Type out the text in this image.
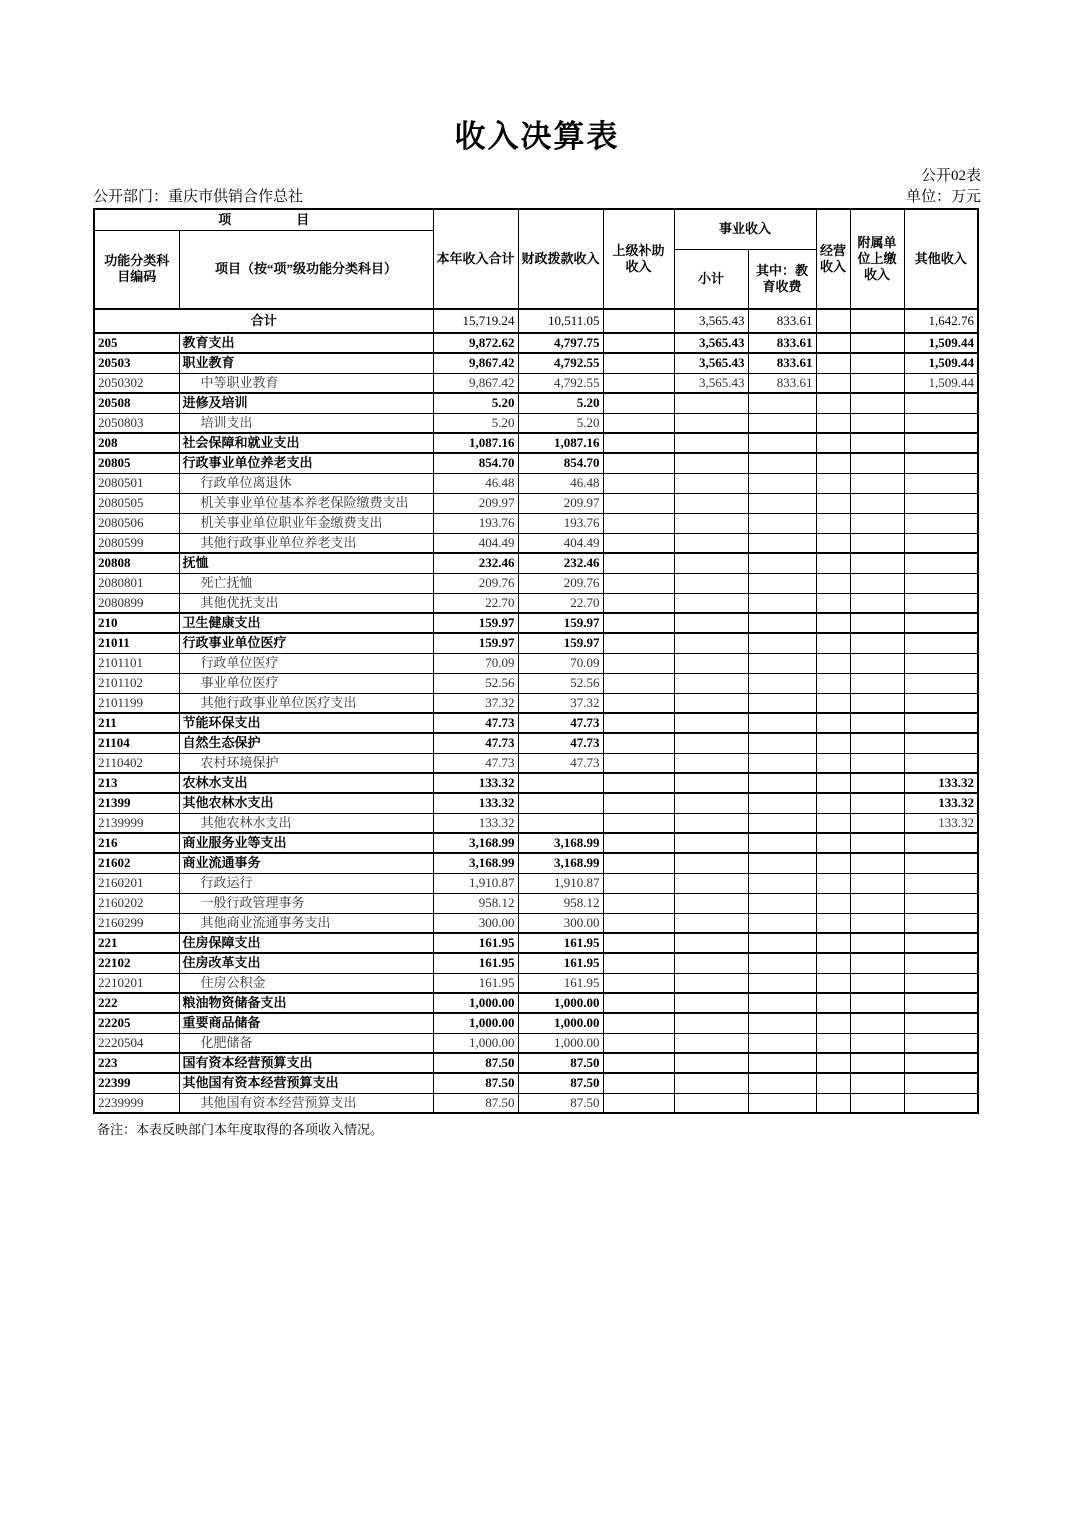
收入决算表
公开02表
公开部门：重庆市供销合作总社	单位：万元
项　　　　　目		本年收入合计	财政拨款收入	上级补助收入	事业收入		经营收入	附属单位上缴收入	其他收入
功能分类科目编码	项目（按“项”级功能分类科目）								
					小计	其中：教育收费			
合计		15,719.24	10,511.05		3,565.43	833.61			1,642.76
205	教育支出	9,872.62	4,797.75		3,565.43	833.61			1,509.44
20503	职业教育	9,867.42	4,792.55		3,565.43	833.61			1,509.44
2050302	中等职业教育	9,867.42	4,792.55		3,565.43	833.61			1,509.44
20508	进修及培训	5.20	5.20						
2050803	培训支出	5.20	5.20						
208	社会保障和就业支出	1,087.16	1,087.16						
20805	行政事业单位养老支出	854.70	854.70						
2080501	行政单位离退休	46.48	46.48						
2080505	机关事业单位基本养老保险缴费支出	209.97	209.97						
2080506	机关事业单位职业年金缴费支出	193.76	193.76						
2080599	其他行政事业单位养老支出	404.49	404.49						
20808	抚恤	232.46	232.46						
2080801	死亡抚恤	209.76	209.76						
2080899	其他优抚支出	22.70	22.70						
210	卫生健康支出	159.97	159.97						
21011	行政事业单位医疗	159.97	159.97						
2101101	行政单位医疗	70.09	70.09						
2101102	事业单位医疗	52.56	52.56						
2101199	其他行政事业单位医疗支出	37.32	37.32						
211	节能环保支出	47.73	47.73						
21104	自然生态保护	47.73	47.73						
2110402	农村环境保护	47.73	47.73						
213	农林水支出	133.32							133.32
21399	其他农林水支出	133.32							133.32
2139999	其他农林水支出	133.32							133.32
216	商业服务业等支出	3,168.99	3,168.99						
21602	商业流通事务	3,168.99	3,168.99						
2160201	行政运行	1,910.87	1,910.87						
2160202	一般行政管理事务	958.12	958.12						
2160299	其他商业流通事务支出	300.00	300.00						
221	住房保障支出	161.95	161.95						
22102	住房改革支出	161.95	161.95						
2210201	住房公积金	161.95	161.95						
222	粮油物资储备支出	1,000.00	1,000.00						
22205	重要商品储备	1,000.00	1,000.00						
2220504	化肥储备	1,000.00	1,000.00						
223	国有资本经营预算支出	87.50	87.50						
22399	其他国有资本经营预算支出	87.50	87.50						
2239999	其他国有资本经营预算支出	87.50	87.50						
备注：本表反映部门本年度取得的各项收入情况。
